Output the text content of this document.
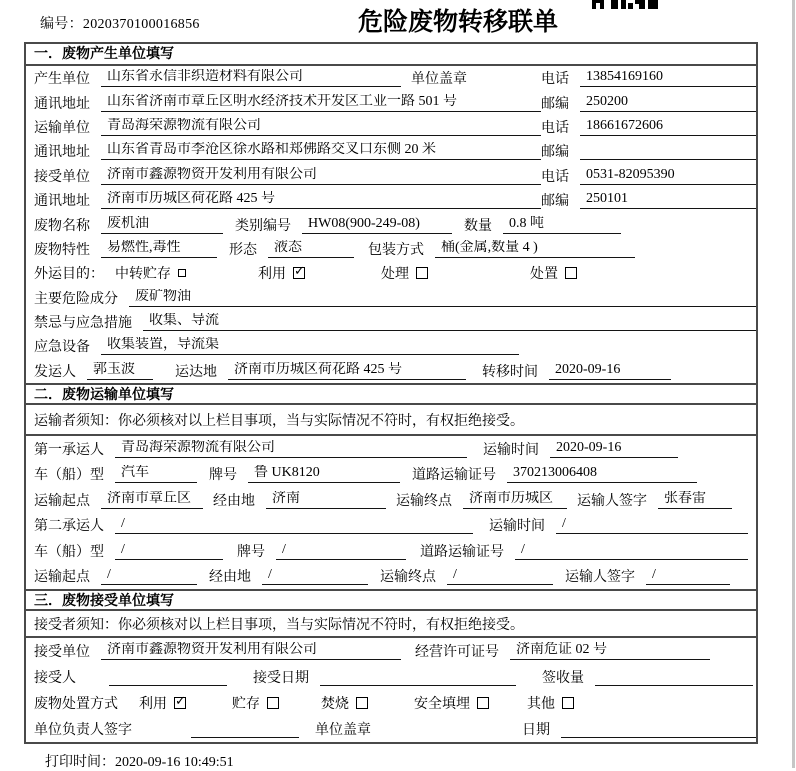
编号：2020370100016856	危险废物转移联单
一．废物产生单位填写
产生单位	山东省永信非织造材料有限公司	单位盖章	电话	13854169160
通讯地址	山东省济南市章丘区明水经济技术开发区工业一路 501 号	邮编	250200
运输单位	青岛海荣源物流有限公司	电话	18661672606
通讯地址	山东省青岛市李沧区徐水路和郑佛路交叉口东侧 20 米	邮编
接受单位	济南市鑫源物资开发利用有限公司	电话	0531-82095390
通讯地址	济南市历城区荷花路 425 号	邮编	250101
废物名称	废机油	类别编号	HW08(900-249-08)	数量	0.8 吨
废物特性	易燃性,毒性	形态	液态	包装方式	桶(金属,数量 4 )
外运目的： 中转贮存	利用 ✓	处理	处置
主要危险成分	废矿物油
禁忌与应急措施	收集、导流
应急设备	收集装置，导流渠
发运人	郭玉波	运达地	济南市历城区荷花路 425 号	转移时间	2020-09-16
二．废物运输单位填写
运输者须知：你必须核对以上栏目事项，当与实际情况不符时，有权拒绝接受。
第一承运人	青岛海荣源物流有限公司	运输时间	2020-09-16
车（船）型	汽车	牌号	鲁 UK8120	道路运输证号	370213006408
运输起点	济南市章丘区	经由地	济南	运输终点	济南市历城区	运输人签字	张春雷
第二承运人	/	运输时间	/
车（船）型	/	牌号	/	道路运输证号	/
运输起点	/	经由地	/	运输终点	/	运输人签字	/
三．废物接受单位填写
接受者须知：你必须核对以上栏目事项，当与实际情况不符时，有权拒绝接受。
接受单位	济南市鑫源物资开发利用有限公司	经营许可证号	济南危证 02 号
接受人	接受日期	签收量
废物处置方式 利用 ✓	贮存	焚烧	安全填埋	其他
单位负责人签字	单位盖章	日期
打印时间：2020-09-16 10:49:51
